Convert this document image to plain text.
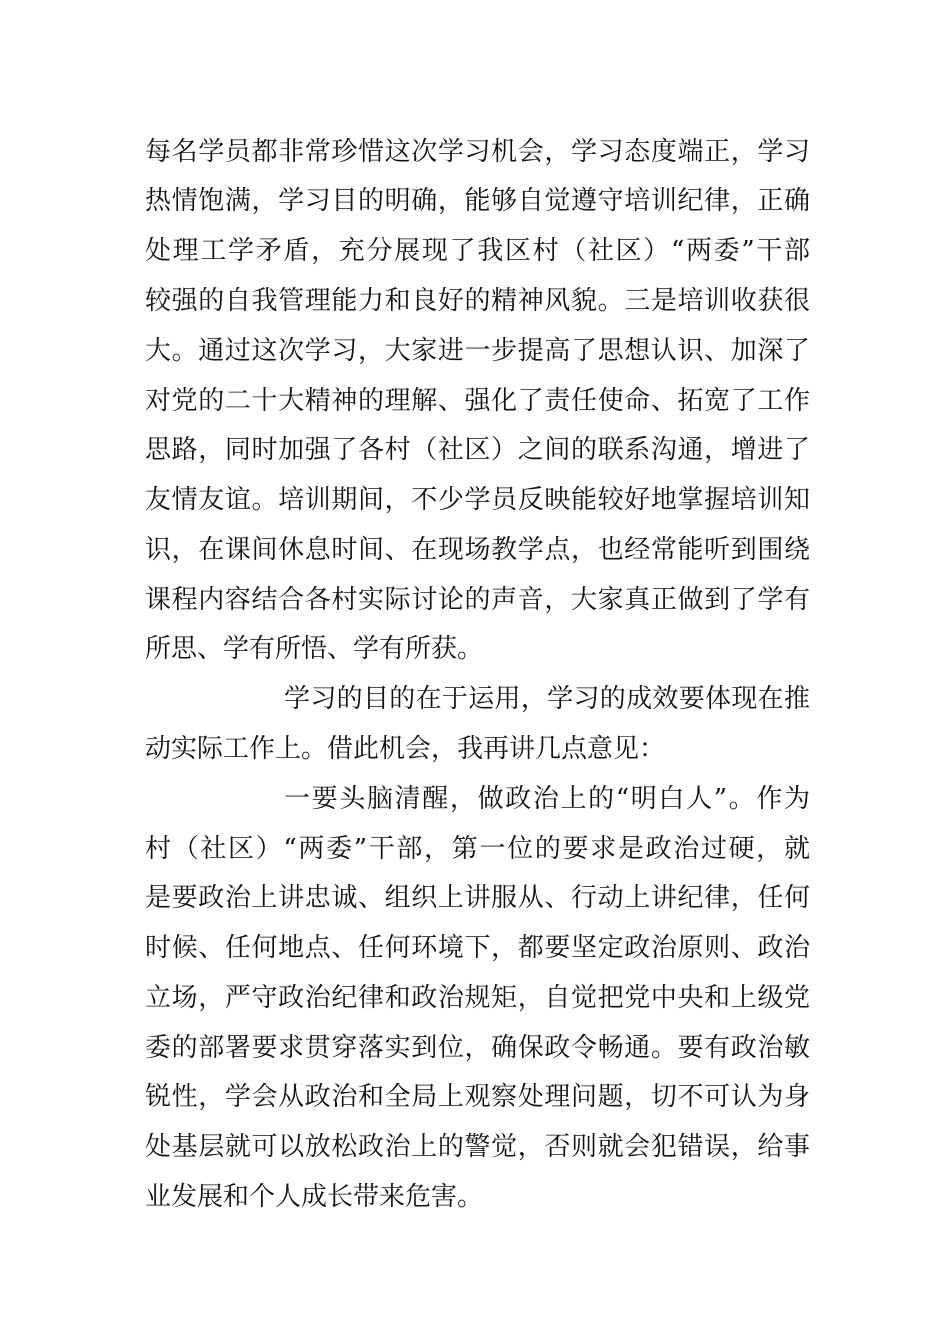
每名学员都非常珍惜这次学习机会，学习态度端正，学习
热情饱满，学习目的明确，能够自觉遵守培训纪律，正确
处理工学矛盾，充分展现了我区村（社区）“两委”干部
较强的自我管理能力和良好的精神风貌。三是培训收获很
大。通过这次学习，大家进一步提高了思想认识、加深了
对党的二十大精神的理解、强化了责任使命、拓宽了工作
思路，同时加强了各村（社区）之间的联系沟通，增进了
友情友谊。培训期间，不少学员反映能较好地掌握培训知
识，在课间休息时间、在现场教学点，也经常能听到围绕
课程内容结合各村实际讨论的声音，大家真正做到了学有
所思、学有所悟、学有所获。
学习的目的在于运用，学习的成效要体现在推
动实际工作上。借此机会，我再讲几点意见：
一要头脑清醒，做政治上的“明白人”。作为
村（社区）“两委”干部，第一位的要求是政治过硬，就
是要政治上讲忠诚、组织上讲服从、行动上讲纪律，任何
时候、任何地点、任何环境下，都要坚定政治原则、政治
立场，严守政治纪律和政治规矩，自觉把党中央和上级党
委的部署要求贯穿落实到位，确保政令畅通。要有政治敏
锐性，学会从政治和全局上观察处理问题，切不可认为身
处基层就可以放松政治上的警觉，否则就会犯错误，给事
业发展和个人成长带来危害。
